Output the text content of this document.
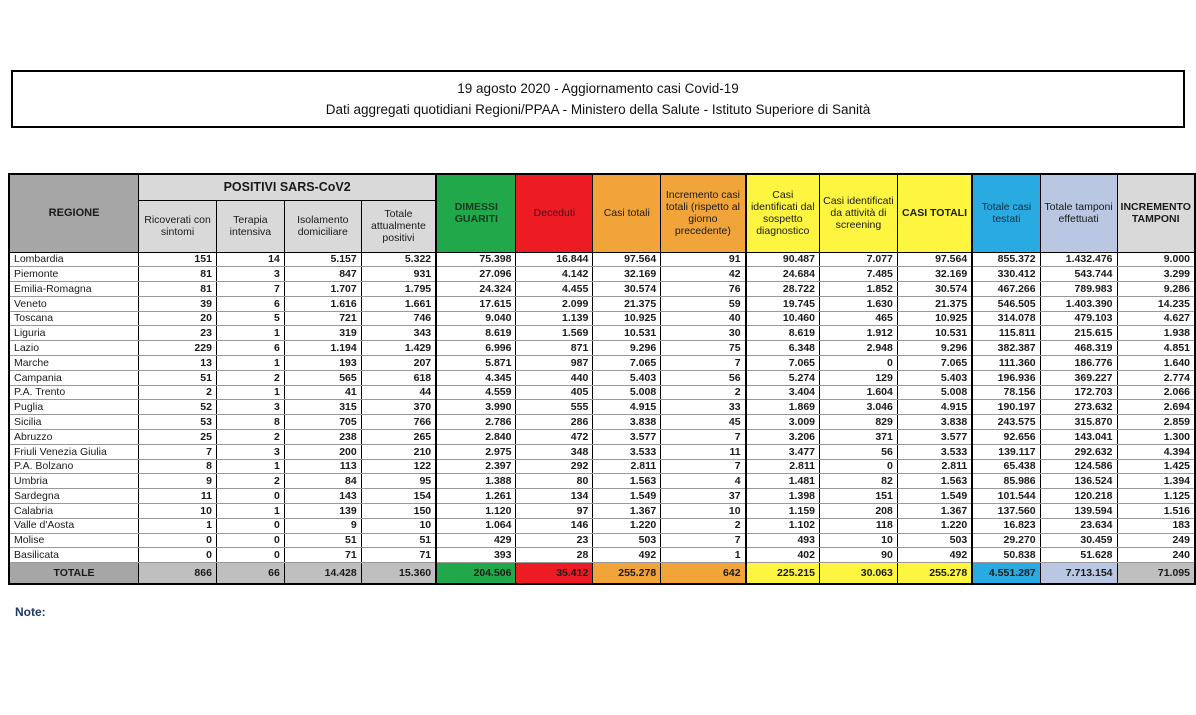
19 agosto 2020 - Aggiornamento casi Covid-19
Dati aggregati quotidiani Regioni/PPAA - Ministero della Salute - Istituto Superiore di Sanità
REGIONE	POSITIVI SARS-CoV2				DIMESSI GUARITI	Deceduti	Casi totali	Incremento casi totali (rispetto al giorno precedente)	Casi identificati dal sospetto diagnostico	Casi identificati da attività di screening	CASI TOTALI	Totale casi testati	Totale tamponi effettuati	INCREMENTO TAMPONI
	Ricoverati con sintomi	Terapia intensiva	Isolamento domiciliare	Totale attualmente positivi										
Lombardia	151	14	5.157	5.322	75.398	16.844	97.564	91	90.487	7.077	97.564	855.372	1.432.476	9.000
Piemonte	81	3	847	931	27.096	4.142	32.169	42	24.684	7.485	32.169	330.412	543.744	3.299
Emilia-Romagna	81	7	1.707	1.795	24.324	4.455	30.574	76	28.722	1.852	30.574	467.266	789.983	9.286
Veneto	39	6	1.616	1.661	17.615	2.099	21.375	59	19.745	1.630	21.375	546.505	1.403.390	14.235
Toscana	20	5	721	746	9.040	1.139	10.925	40	10.460	465	10.925	314.078	479.103	4.627
Liguria	23	1	319	343	8.619	1.569	10.531	30	8.619	1.912	10.531	115.811	215.615	1.938
Lazio	229	6	1.194	1.429	6.996	871	9.296	75	6.348	2.948	9.296	382.387	468.319	4.851
Marche	13	1	193	207	5.871	987	7.065	7	7.065	0	7.065	111.360	186.776	1.640
Campania	51	2	565	618	4.345	440	5.403	56	5.274	129	5.403	196.936	369.227	2.774
P.A. Trento	2	1	41	44	4.559	405	5.008	2	3.404	1.604	5.008	78.156	172.703	2.066
Puglia	52	3	315	370	3.990	555	4.915	33	1.869	3.046	4.915	190.197	273.632	2.694
Sicilia	53	8	705	766	2.786	286	3.838	45	3.009	829	3.838	243.575	315.870	2.859
Abruzzo	25	2	238	265	2.840	472	3.577	7	3.206	371	3.577	92.656	143.041	1.300
Friuli Venezia Giulia	7	3	200	210	2.975	348	3.533	11	3.477	56	3.533	139.117	292.632	4.394
P.A. Bolzano	8	1	113	122	2.397	292	2.811	7	2.811	0	2.811	65.438	124.586	1.425
Umbria	9	2	84	95	1.388	80	1.563	4	1.481	82	1.563	85.986	136.524	1.394
Sardegna	11	0	143	154	1.261	134	1.549	37	1.398	151	1.549	101.544	120.218	1.125
Calabria	10	1	139	150	1.120	97	1.367	10	1.159	208	1.367	137.560	139.594	1.516
Valle d'Aosta	1	0	9	10	1.064	146	1.220	2	1.102	118	1.220	16.823	23.634	183
Molise	0	0	51	51	429	23	503	7	493	10	503	29.270	30.459	249
Basilicata	0	0	71	71	393	28	492	1	402	90	492	50.838	51.628	240
TOTALE	866	66	14.428	15.360	204.506	35.412	255.278	642	225.215	30.063	255.278	4.551.287	7.713.154	71.095
Note:
